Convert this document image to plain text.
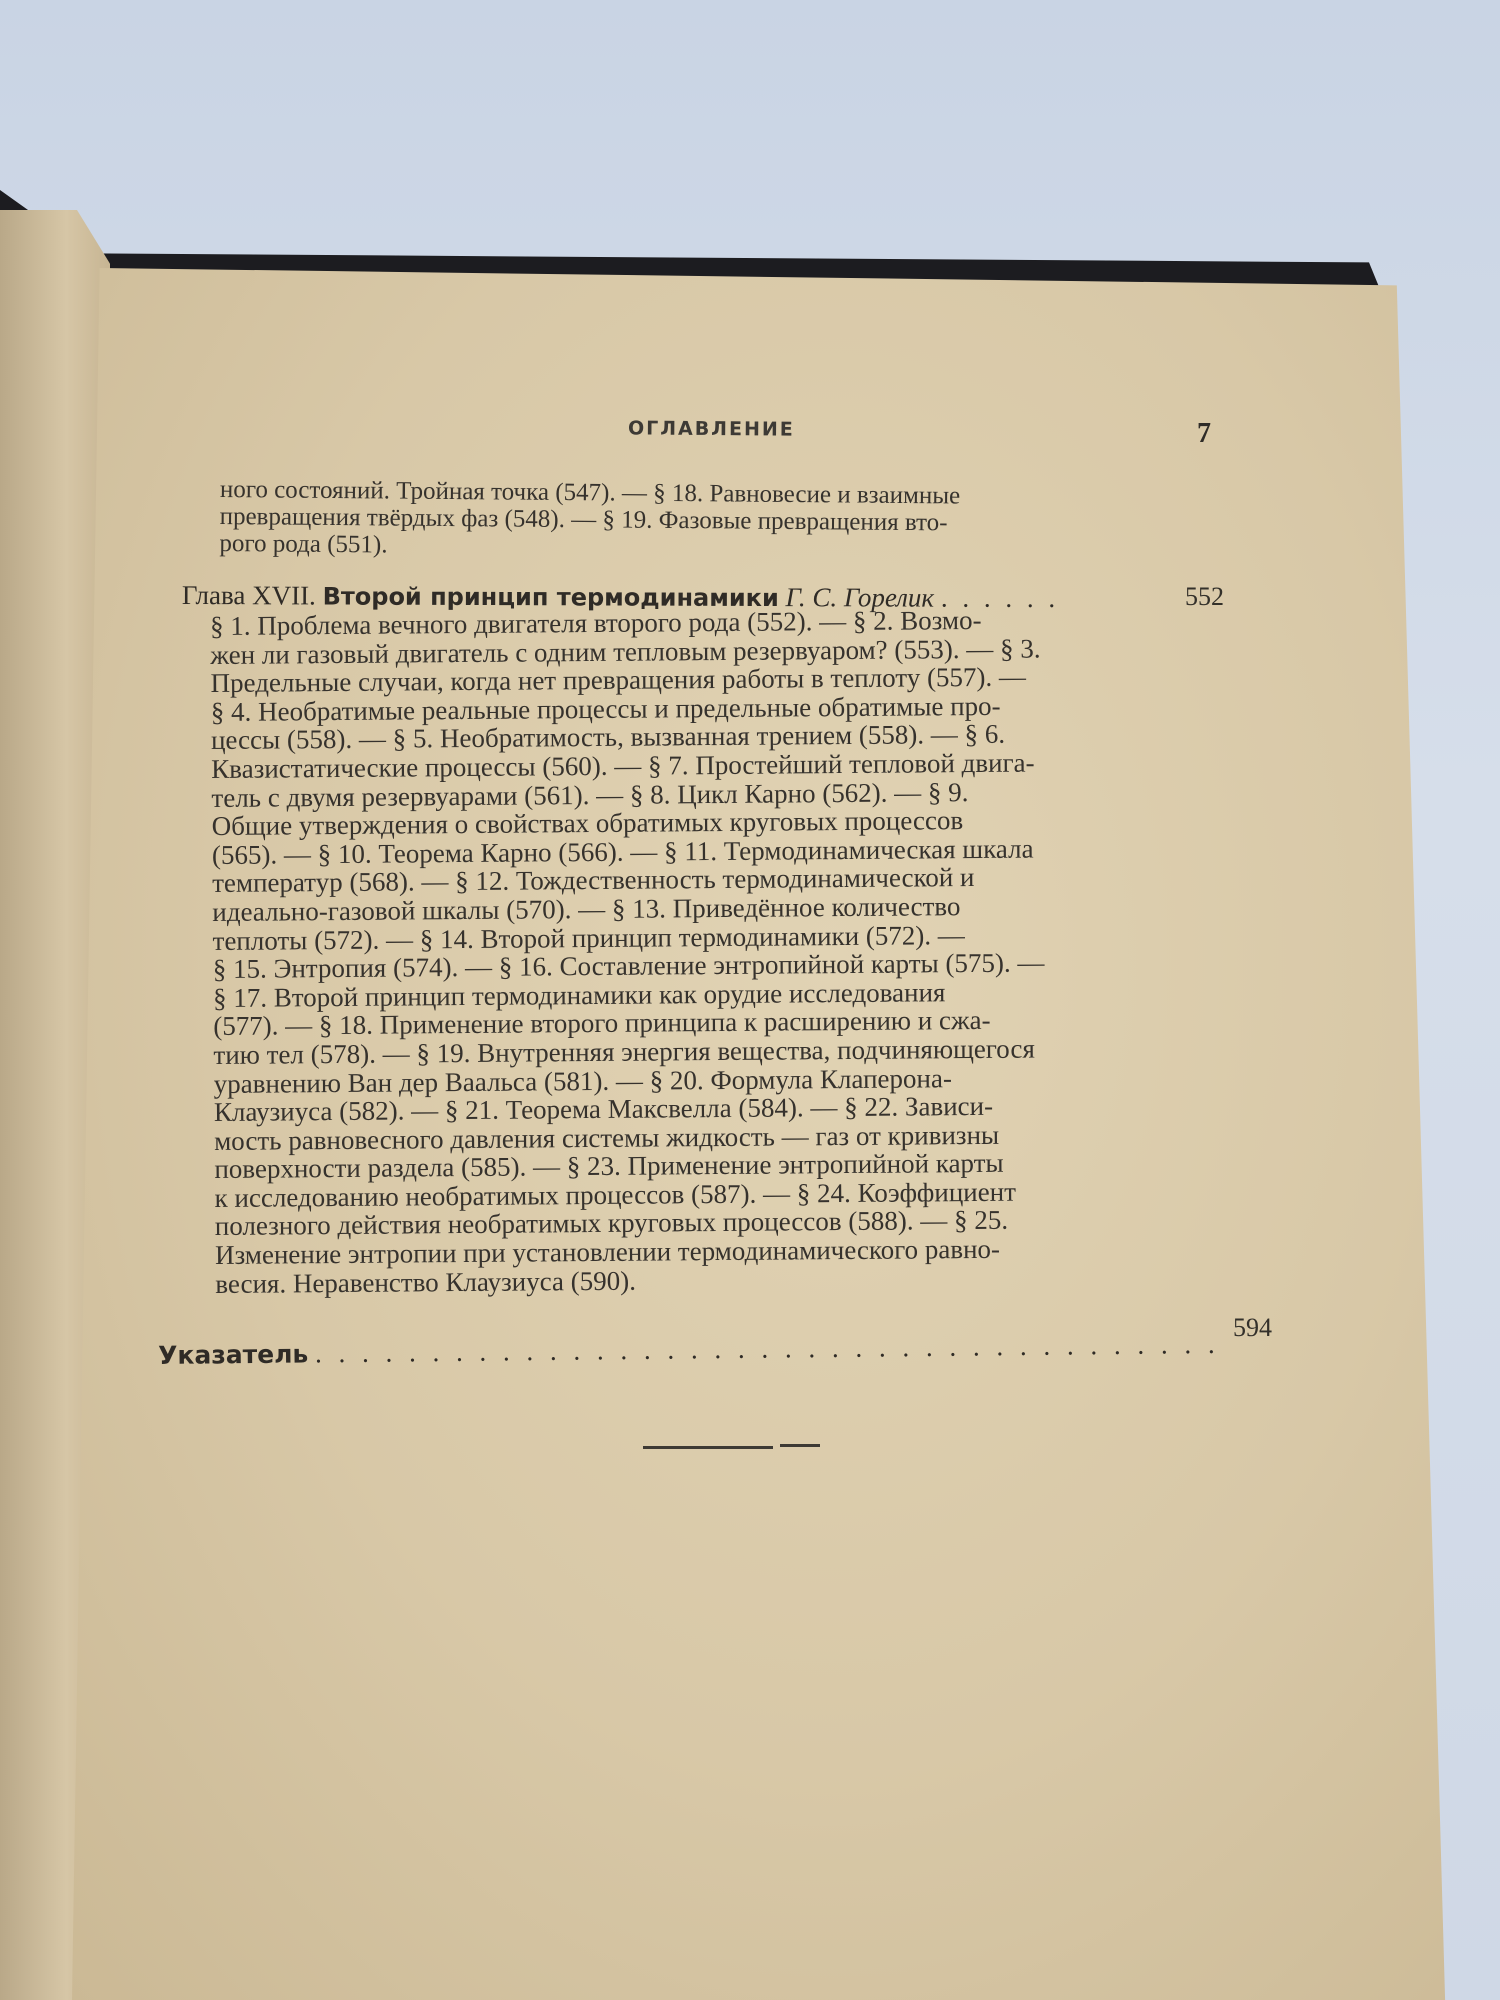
ОГЛАВЛЕНИЕ	7

ного состояний. Тройная точка (547). — § 18. Равновесие и взаимные

превращения твёрдых фаз (548). — § 19. Фазовые превращения вто-

рого рода (551).

Глава XVII. Второй принцип термодинамики Г. С. Горелик . . . . . .	552

§ 1. Проблема вечного двигателя второго рода (552). — § 2. Возмо-

жен ли газовый двигатель с одним тепловым резервуаром? (553). — § 3.

Предельные случаи, когда нет превращения работы в теплоту (557). —

§ 4. Необратимые реальные процессы и предельные обратимые про-

цессы (558). — § 5. Необратимость, вызванная трением (558). — § 6.

Квазистатические процессы (560). — § 7. Простейший тепловой двига-

тель с двумя резервуарами (561). — § 8. Цикл Карно (562). — § 9.

Общие утверждения о свойствах обратимых круговых процессов

(565). — § 10. Теорема Карно (566). — § 11. Термодинамическая шкала

температур (568). — § 12. Тождественность термодинамической и

идеально-газовой шкалы (570). — § 13. Приведённое количество

теплоты (572). — § 14. Второй принцип термодинамики (572). —

§ 15. Энтропия (574). — § 16. Составление энтропийной карты (575). —

§ 17. Второй принцип термодинамики как орудие исследования

(577). — § 18. Применение второго принципа к расширению и сжа-

тию тел (578). — § 19. Внутренняя энергия вещества, подчиняющегося

уравнению Ван дер Ваальса (581). — § 20. Формула Клаперона-

Клаузиуса (582). — § 21. Теорема Максвелла (584). — § 22. Зависи-

мость равновесного давления системы жидкость — газ от кривизны

поверхности раздела (585). — § 23. Применение энтропийной карты

к исследованию необратимых процессов (587). — § 24. Коэффициент

полезного действия необратимых круговых процессов (588). — § 25.

Изменение энтропии при установлении термодинамического равно-

весия. Неравенство Клаузиуса (590).

594
Указатель . . . . . . . . . . . . . . . . . . . . . . . . . . . . . . . . . . . . . . .
